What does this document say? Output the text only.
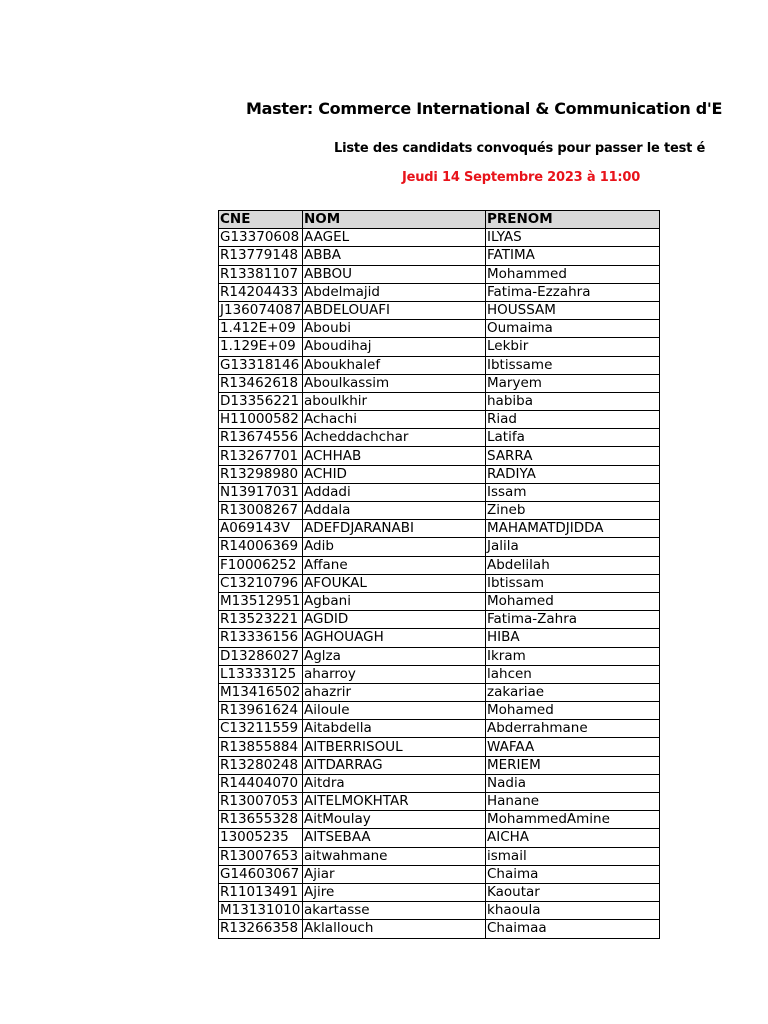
Master: Commerce International & Communication d'E
Liste des candidats convoqués pour passer le test é
Jeudi 14 Septembre 2023 à 11:00
CNE	NOM	PRENOM
G13370608	AAGEL	ILYAS
R13779148	ABBA	FATIMA
R13381107	ABBOU	Mohammed
R14204433	Abdelmajid	Fatima-Ezzahra
J136074087	ABDELOUAFI	HOUSSAM
1.412E+09	Aboubi	Oumaima
1.129E+09	Aboudihaj	Lekbir
G13318146	Aboukhalef	Ibtissame
R13462618	Aboulkassim	Maryem
D13356221	aboulkhir	habiba
H11000582	Achachi	Riad
R13674556	Acheddachchar	Latifa
R13267701	ACHHAB	SARRA
R13298980	ACHID	RADIYA
N13917031	Addadi	Issam
R13008267	Addala	Zineb
A069143V	ADEFDJARANABI	MAHAMATDJIDDA
R14006369	Adib	Jalila
F10006252	Affane	Abdelilah
C13210796	AFOUKAL	Ibtissam
M13512951	Agbani	Mohamed
R13523221	AGDID	Fatima-Zahra
R13336156	AGHOUAGH	HIBA
D13286027	Aglza	Ikram
L13333125	aharroy	lahcen
M13416502	ahazrir	zakariae
R13961624	Ailoule	Mohamed
C13211559	Aitabdella	Abderrahmane
R13855884	AITBERRISOUL	WAFAA
R13280248	AITDARRAG	MERIEM
R14404070	Aitdra	Nadia
R13007053	AITELMOKHTAR	Hanane
R13655328	AitMoulay	MohammedAmine
13005235	AITSEBAA	AICHA
R13007653	aitwahmane	ismail
G14603067	Ajiar	Chaima
R11013491	Ajire	Kaoutar
M13131010	akartasse	khaoula
R13266358	Aklallouch	Chaimaa
